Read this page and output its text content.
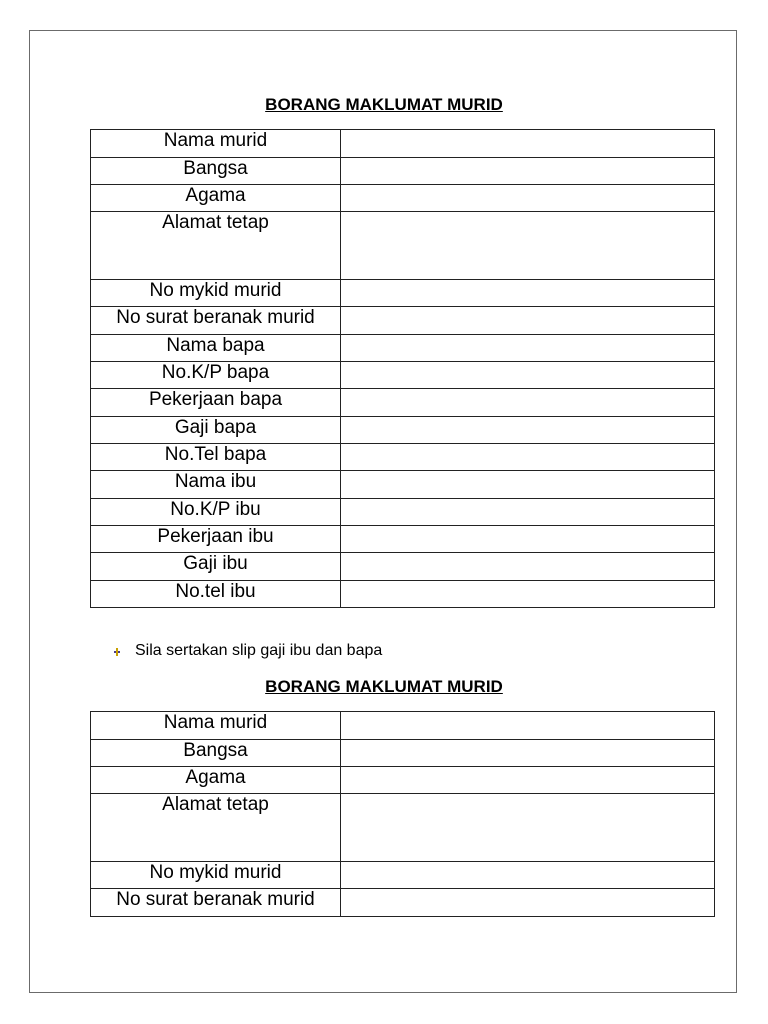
BORANG MAKLUMAT MURID
Nama murid	
Bangsa	
Agama	
Alamat tetap	
No mykid murid	
No surat beranak murid	
Nama bapa	
No.K/P bapa	
Pekerjaan bapa	
Gaji bapa	
No.Tel bapa	
Nama ibu	
No.K/P ibu	
Pekerjaan ibu	
Gaji ibu	
No.tel ibu	
Sila sertakan slip gaji ibu dan bapa
BORANG MAKLUMAT MURID
Nama murid	
Bangsa	
Agama	
Alamat tetap	
No mykid murid	
No surat beranak murid	
